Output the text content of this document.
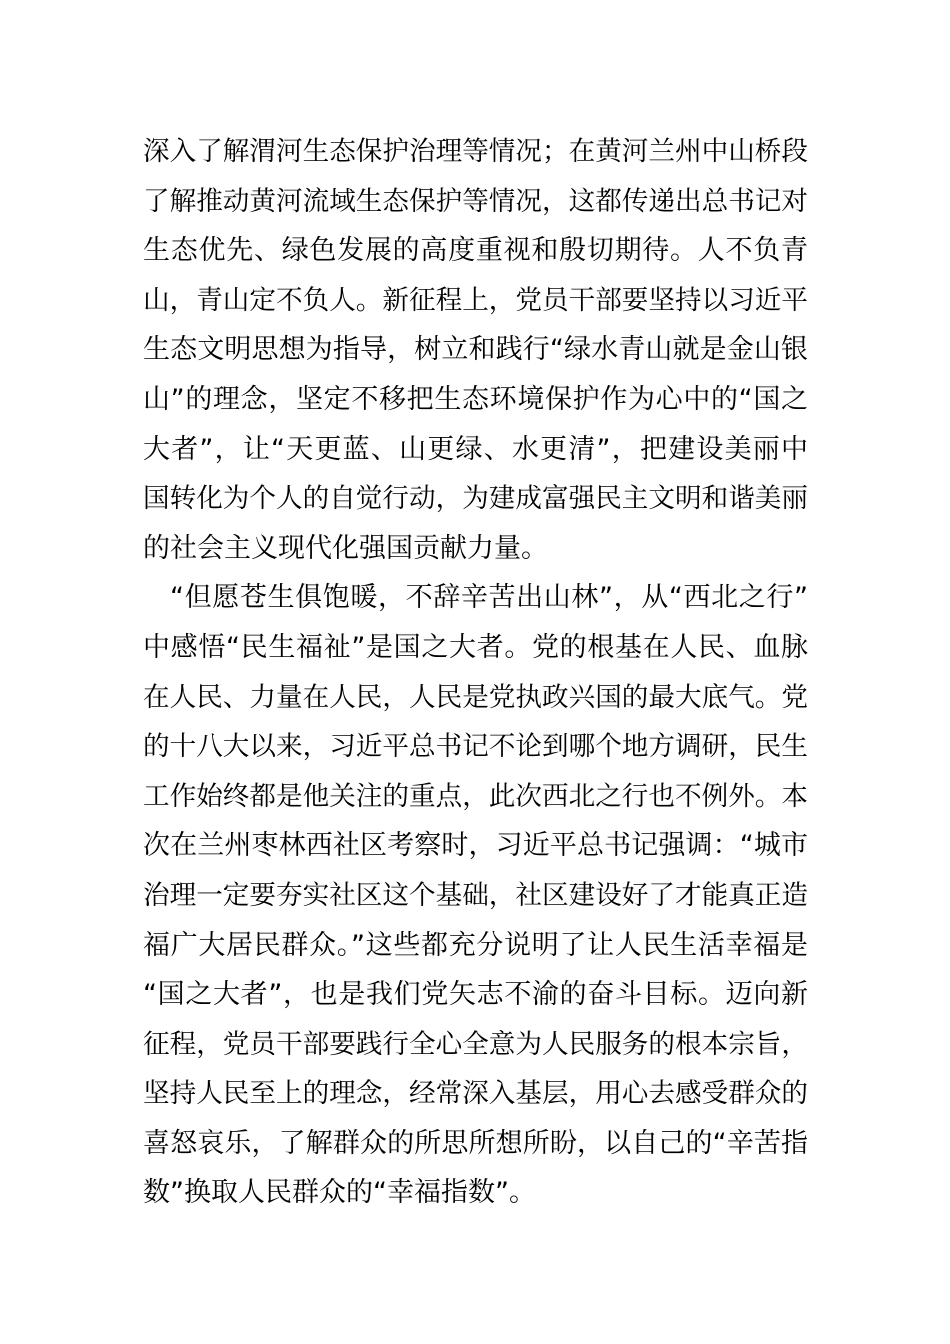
深入了解渭河生态保护治理等情况；在黄河兰州中山桥段
了解推动黄河流域生态保护等情况，这都传递出总书记对
生态优先、绿色发展的高度重视和殷切期待。人不负青
山，青山定不负人。新征程上，党员干部要坚持以习近平
生态文明思想为指导，树立和践行“绿水青山就是金山银
山”的理念，坚定不移把生态环境保护作为心中的“国之
大者”，让“天更蓝、山更绿、水更清”，把建设美丽中
国转化为个人的自觉行动，为建成富强民主文明和谐美丽
的社会主义现代化强国贡献力量。
“但愿苍生俱饱暖，不辞辛苦出山林”，从“西北之行”
中感悟“民生福祉”是国之大者。党的根基在人民、血脉
在人民、力量在人民，人民是党执政兴国的最大底气。党
的十八大以来，习近平总书记不论到哪个地方调研，民生
工作始终都是他关注的重点，此次西北之行也不例外。本
次在兰州枣林西社区考察时，习近平总书记强调：“城市
治理一定要夯实社区这个基础，社区建设好了才能真正造
福广大居民群众。”这些都充分说明了让人民生活幸福是
“国之大者”，也是我们党矢志不渝的奋斗目标。迈向新
征程，党员干部要践行全心全意为人民服务的根本宗旨，
坚持人民至上的理念，经常深入基层，用心去感受群众的
喜怒哀乐，了解群众的所思所想所盼，以自己的“辛苦指
数”换取人民群众的“幸福指数”。
